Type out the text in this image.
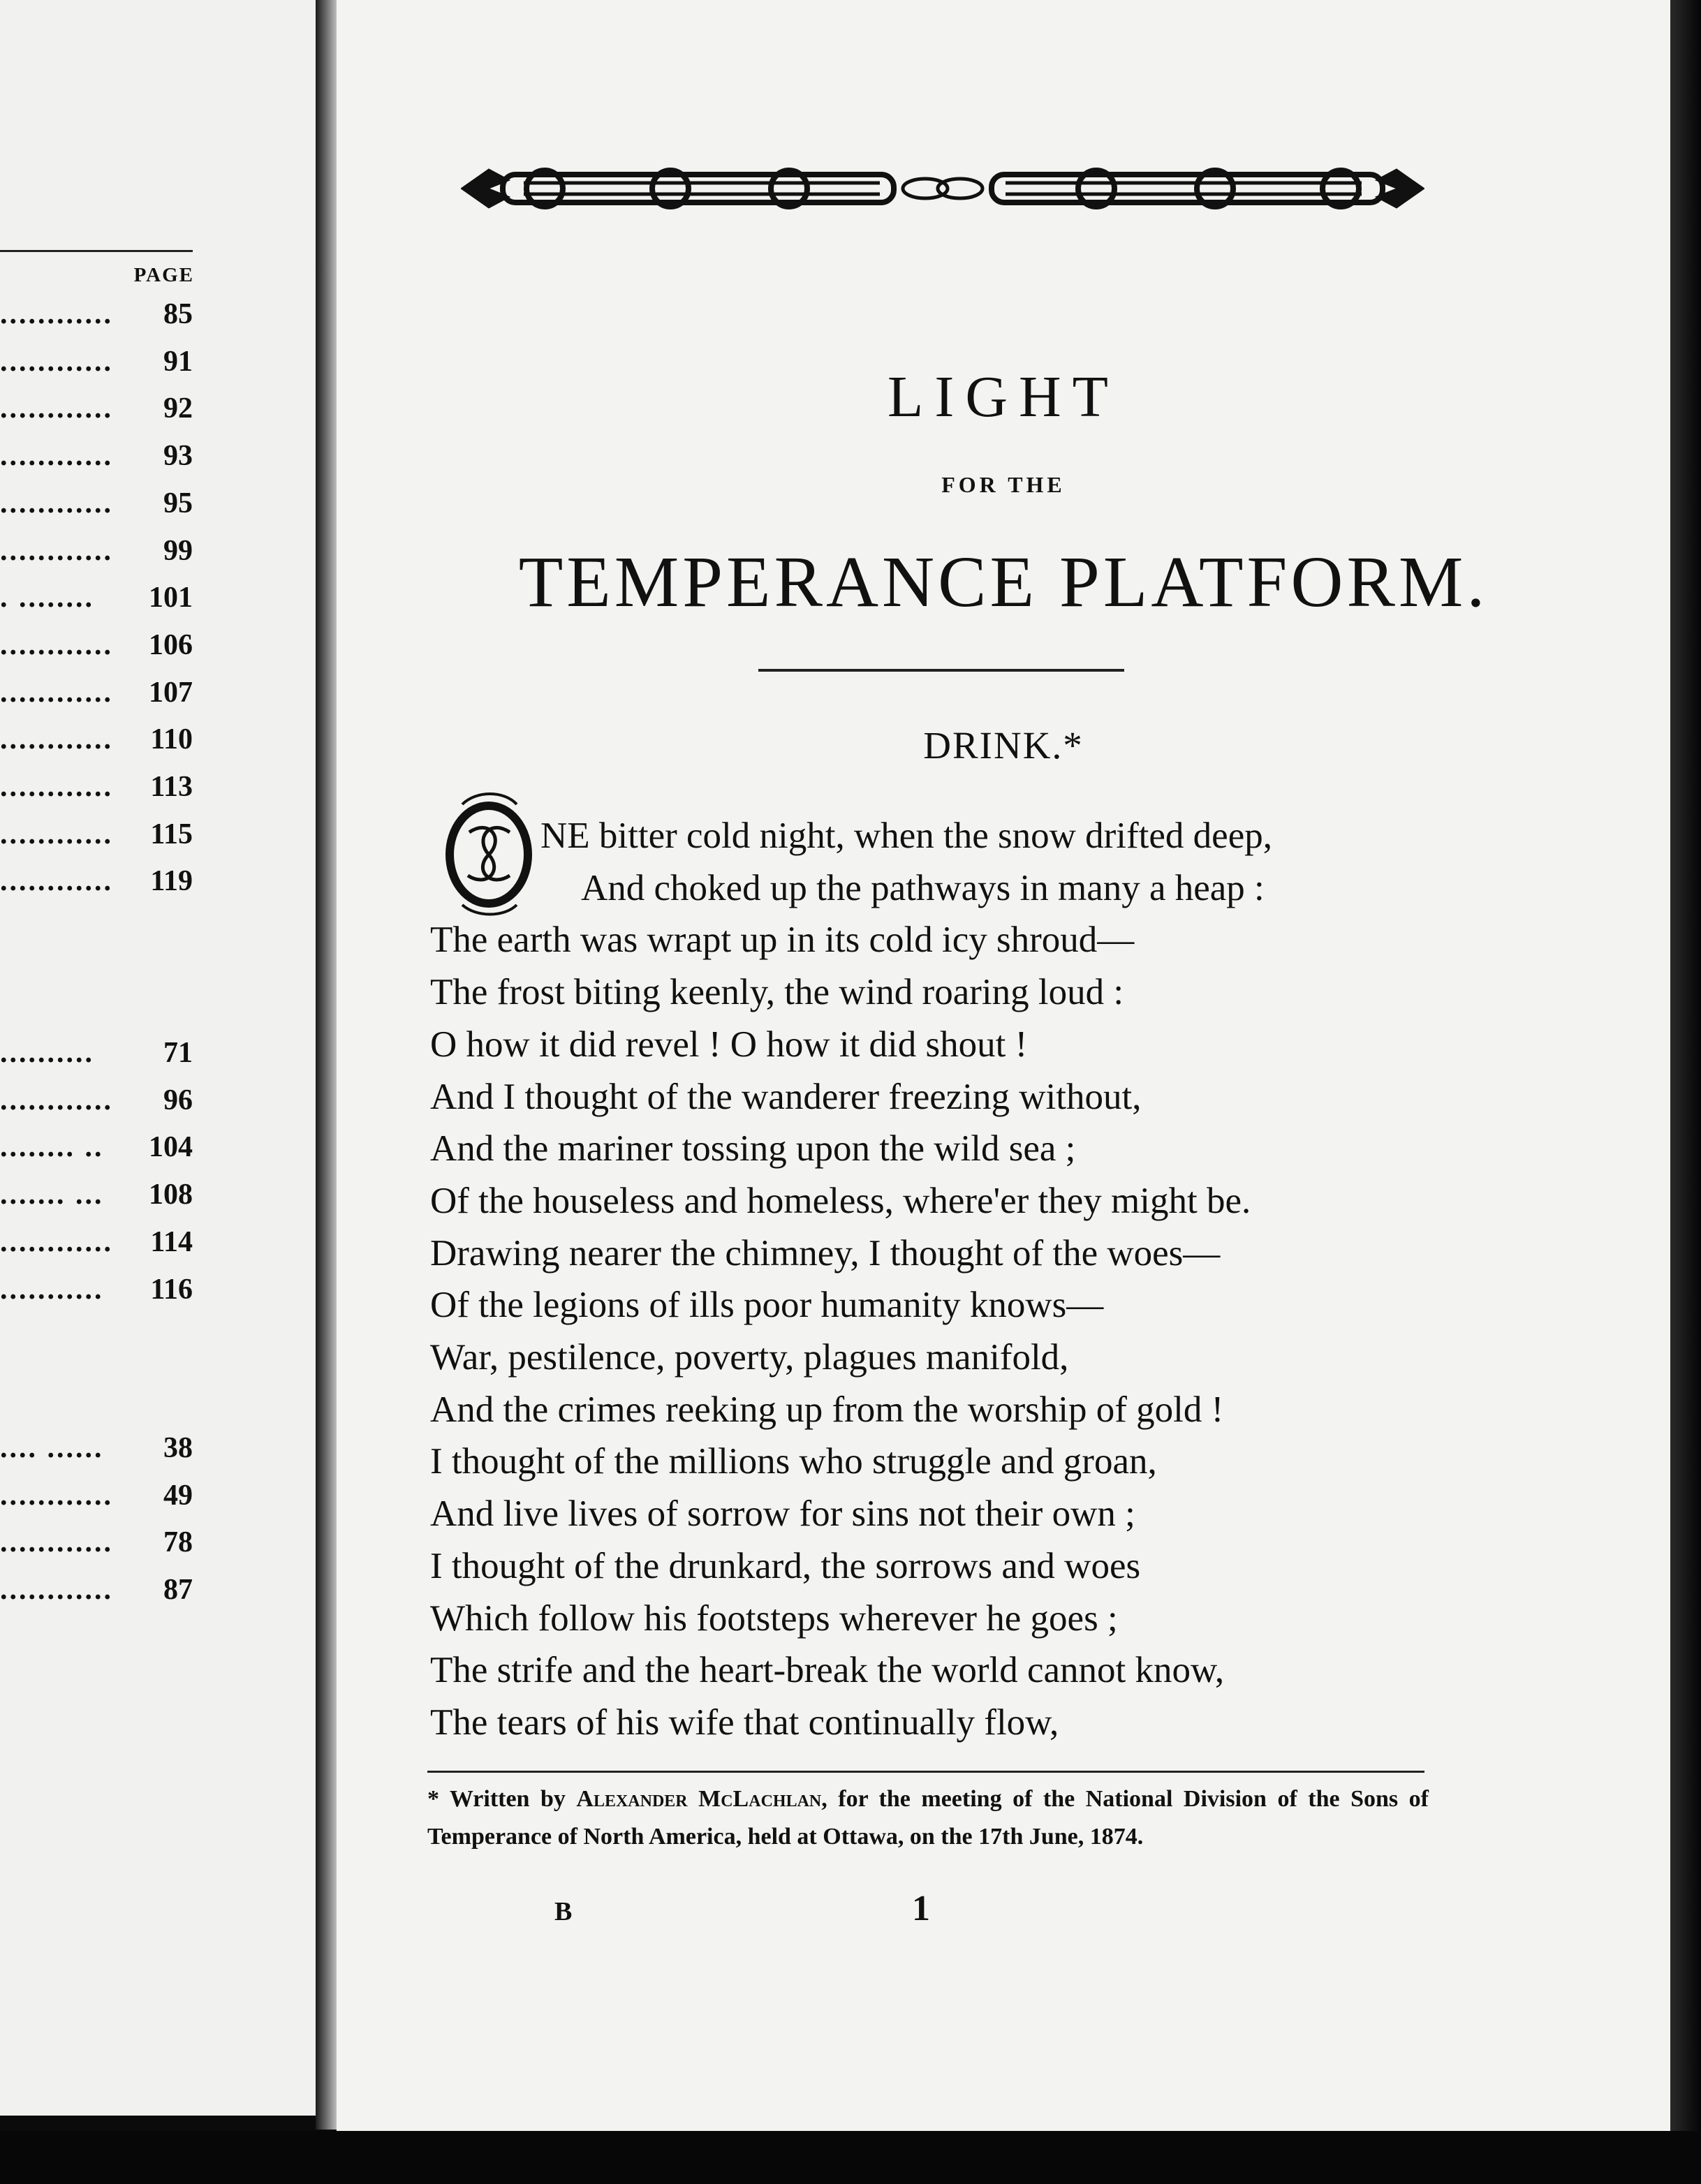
PAGE
............	85
............	91
............	92
............	93
............	95
............	99
. ........	101
............	106
............	107
............	110
............	113
............	115
............	119
..........	71
............	96
........ ..	104
....... ...	108
............	114
...........	116
.... ......	38
............	49
............	78
............	87
LIGHT
FOR THE
TEMPERANCE PLATFORM.
DRINK.*
O
NE bitter cold night, when the snow drifted deep,
And choked up the pathways in many a heap :
The earth was wrapt up in its cold icy shroud—
The frost biting keenly, the wind roaring loud :
O how it did revel ! O how it did shout !
And I thought of the wanderer freezing without,
And the mariner tossing upon the wild sea ;
Of the houseless and homeless, where'er they might be.
Drawing nearer the chimney, I thought of the woes—
Of the legions of ills poor humanity knows—
War, pestilence, poverty, plagues manifold,
And the crimes reeking up from the worship of gold !
I thought of the millions who struggle and groan,
And live lives of sorrow for sins not their own ;
I thought of the drunkard, the sorrows and woes
Which follow his footsteps wherever he goes ;
The strife and the heart-break the world cannot know,
The tears of his wife that continually flow,
* Written by Alexander McLachlan, for the meeting of the National Division of the Sons of Temperance of North America, held at Ottawa, on the 17th June, 1874.
B	1
